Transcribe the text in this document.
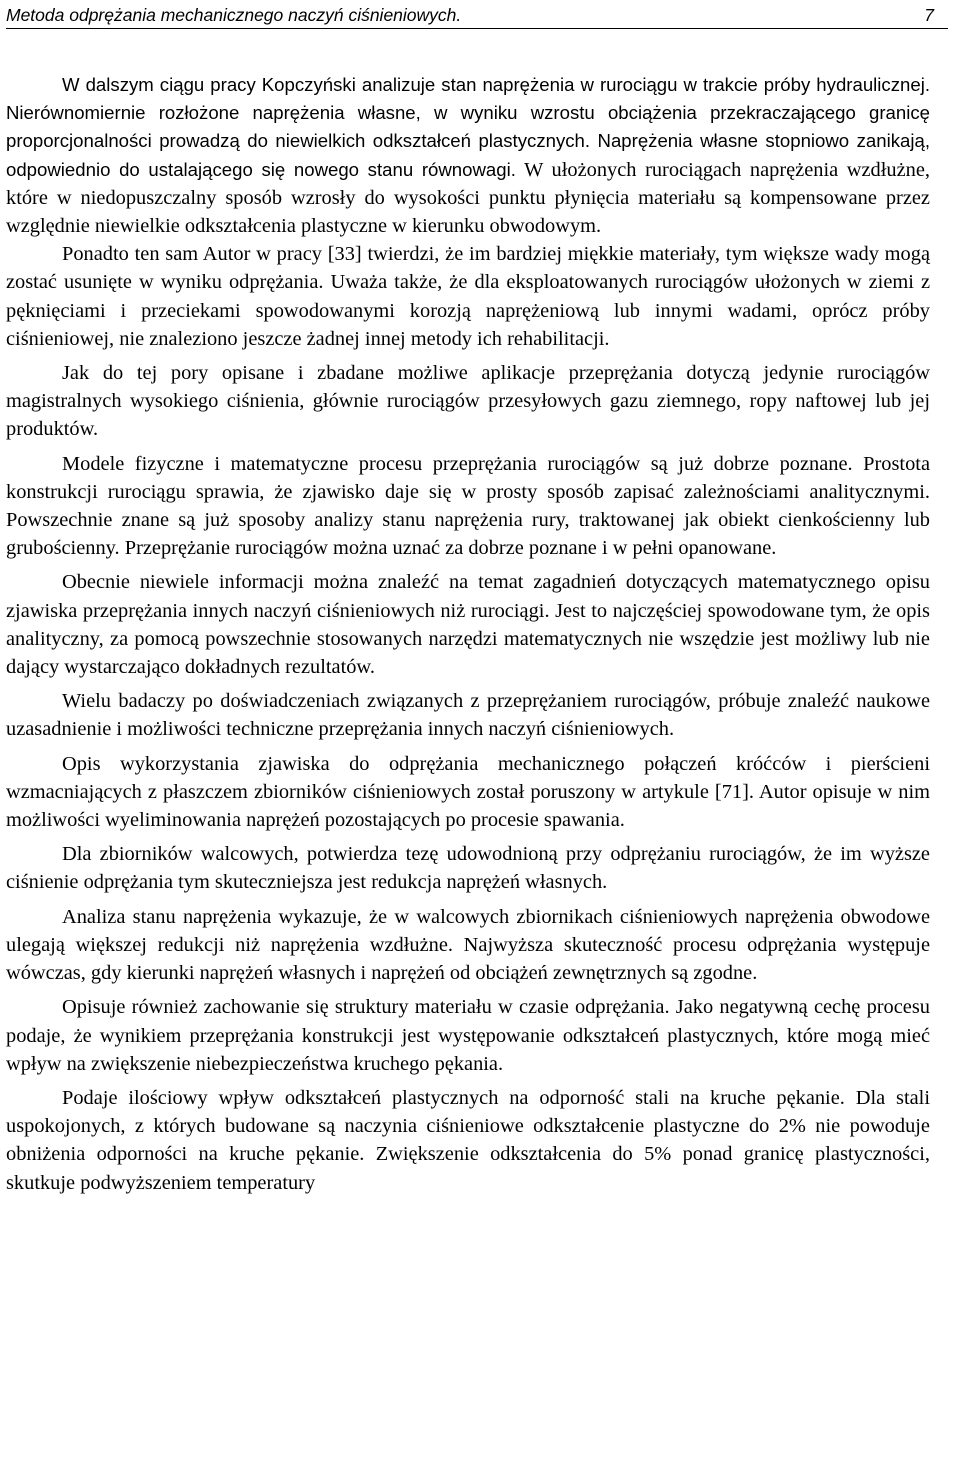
Metoda odprężania mechanicznego naczyń ciśnieniowych.	7

W dalszym ciągu pracy Kopczyński analizuje stan naprężenia w rurociągu w trakcie próby hydraulicznej. Nierównomiernie rozłożone naprężenia własne, w wyniku wzrostu obciążenia przekraczającego granicę proporcjonalności prowadzą do niewielkich odkształceń plastycznych. Naprężenia własne stopniowo zanikają, odpowiednio do ustalającego się nowego stanu równowagi. W ułożonych rurociągach naprężenia wzdłużne, które w niedopuszczalny sposób wzrosły do wysokości punktu płynięcia materiału są kompensowane przez względnie niewielkie odkształcenia plastyczne w kierunku obwodowym.

Ponadto ten sam Autor w pracy [33] twierdzi, że im bardziej miękkie materiały, tym większe wady mogą zostać usunięte w wyniku odprężania. Uważa także, że dla eksploatowanych rurociągów ułożonych w ziemi z pęknięciami i przeciekami spowodowanymi korozją naprężeniową lub innymi wadami, oprócz próby ciśnieniowej, nie znaleziono jeszcze żadnej innej metody ich rehabilitacji.

Jak do tej pory opisane i zbadane możliwe aplikacje przeprężania dotyczą jedynie rurociągów magistralnych wysokiego ciśnienia, głównie rurociągów przesyłowych gazu ziemnego, ropy naftowej lub jej produktów.

Modele fizyczne i matematyczne procesu przeprężania rurociągów są już dobrze poznane. Prostota konstrukcji rurociągu sprawia, że zjawisko daje się w prosty sposób zapisać zależnościami analitycznymi. Powszechnie znane są już sposoby analizy stanu naprężenia rury, traktowanej jak obiekt cienkościenny lub grubościenny. Przeprężanie rurociągów można uznać za dobrze poznane i w pełni opanowane.

Obecnie niewiele informacji można znaleźć na temat zagadnień dotyczących matematycznego opisu zjawiska przeprężania innych naczyń ciśnieniowych niż rurociągi. Jest to najczęściej spowodowane tym, że opis analityczny, za pomocą powszechnie stosowanych narzędzi matematycznych nie wszędzie jest możliwy lub nie dający wystarczająco dokładnych rezultatów.

Wielu badaczy po doświadczeniach związanych z przeprężaniem rurociągów, próbuje znaleźć naukowe uzasadnienie i możliwości techniczne przeprężania innych naczyń ciśnieniowych.

Opis wykorzystania zjawiska do odprężania mechanicznego połączeń króćców i pierścieni wzmacniających z płaszczem zbiorników ciśnieniowych został poruszony w artykule [71]. Autor opisuje w nim możliwości wyeliminowania naprężeń pozostających po procesie spawania.

Dla zbiorników walcowych, potwierdza tezę udowodnioną przy odprężaniu rurociągów, że im wyższe ciśnienie odprężania tym skuteczniejsza jest redukcja naprężeń własnych.

Analiza stanu naprężenia wykazuje, że w walcowych zbiornikach ciśnieniowych naprężenia obwodowe ulegają większej redukcji niż naprężenia wzdłużne. Najwyższa skuteczność procesu odprężania występuje wówczas, gdy kierunki naprężeń własnych i naprężeń od obciążeń zewnętrznych są zgodne.

Opisuje również zachowanie się struktury materiału w czasie odprężania. Jako negatywną cechę procesu podaje, że wynikiem przeprężania konstrukcji jest występowanie odkształceń plastycznych, które mogą mieć wpływ na zwiększenie niebezpieczeństwa kruchego pękania.

Podaje ilościowy wpływ odkształceń plastycznych na odporność stali na kruche pękanie. Dla stali uspokojonych, z których budowane są naczynia ciśnieniowe odkształcenie plastyczne do 2% nie powoduje obniżenia odporności na kruche pękanie. Zwiększenie odkształcenia do 5% ponad granicę plastyczności, skutkuje podwyższeniem temperatury
